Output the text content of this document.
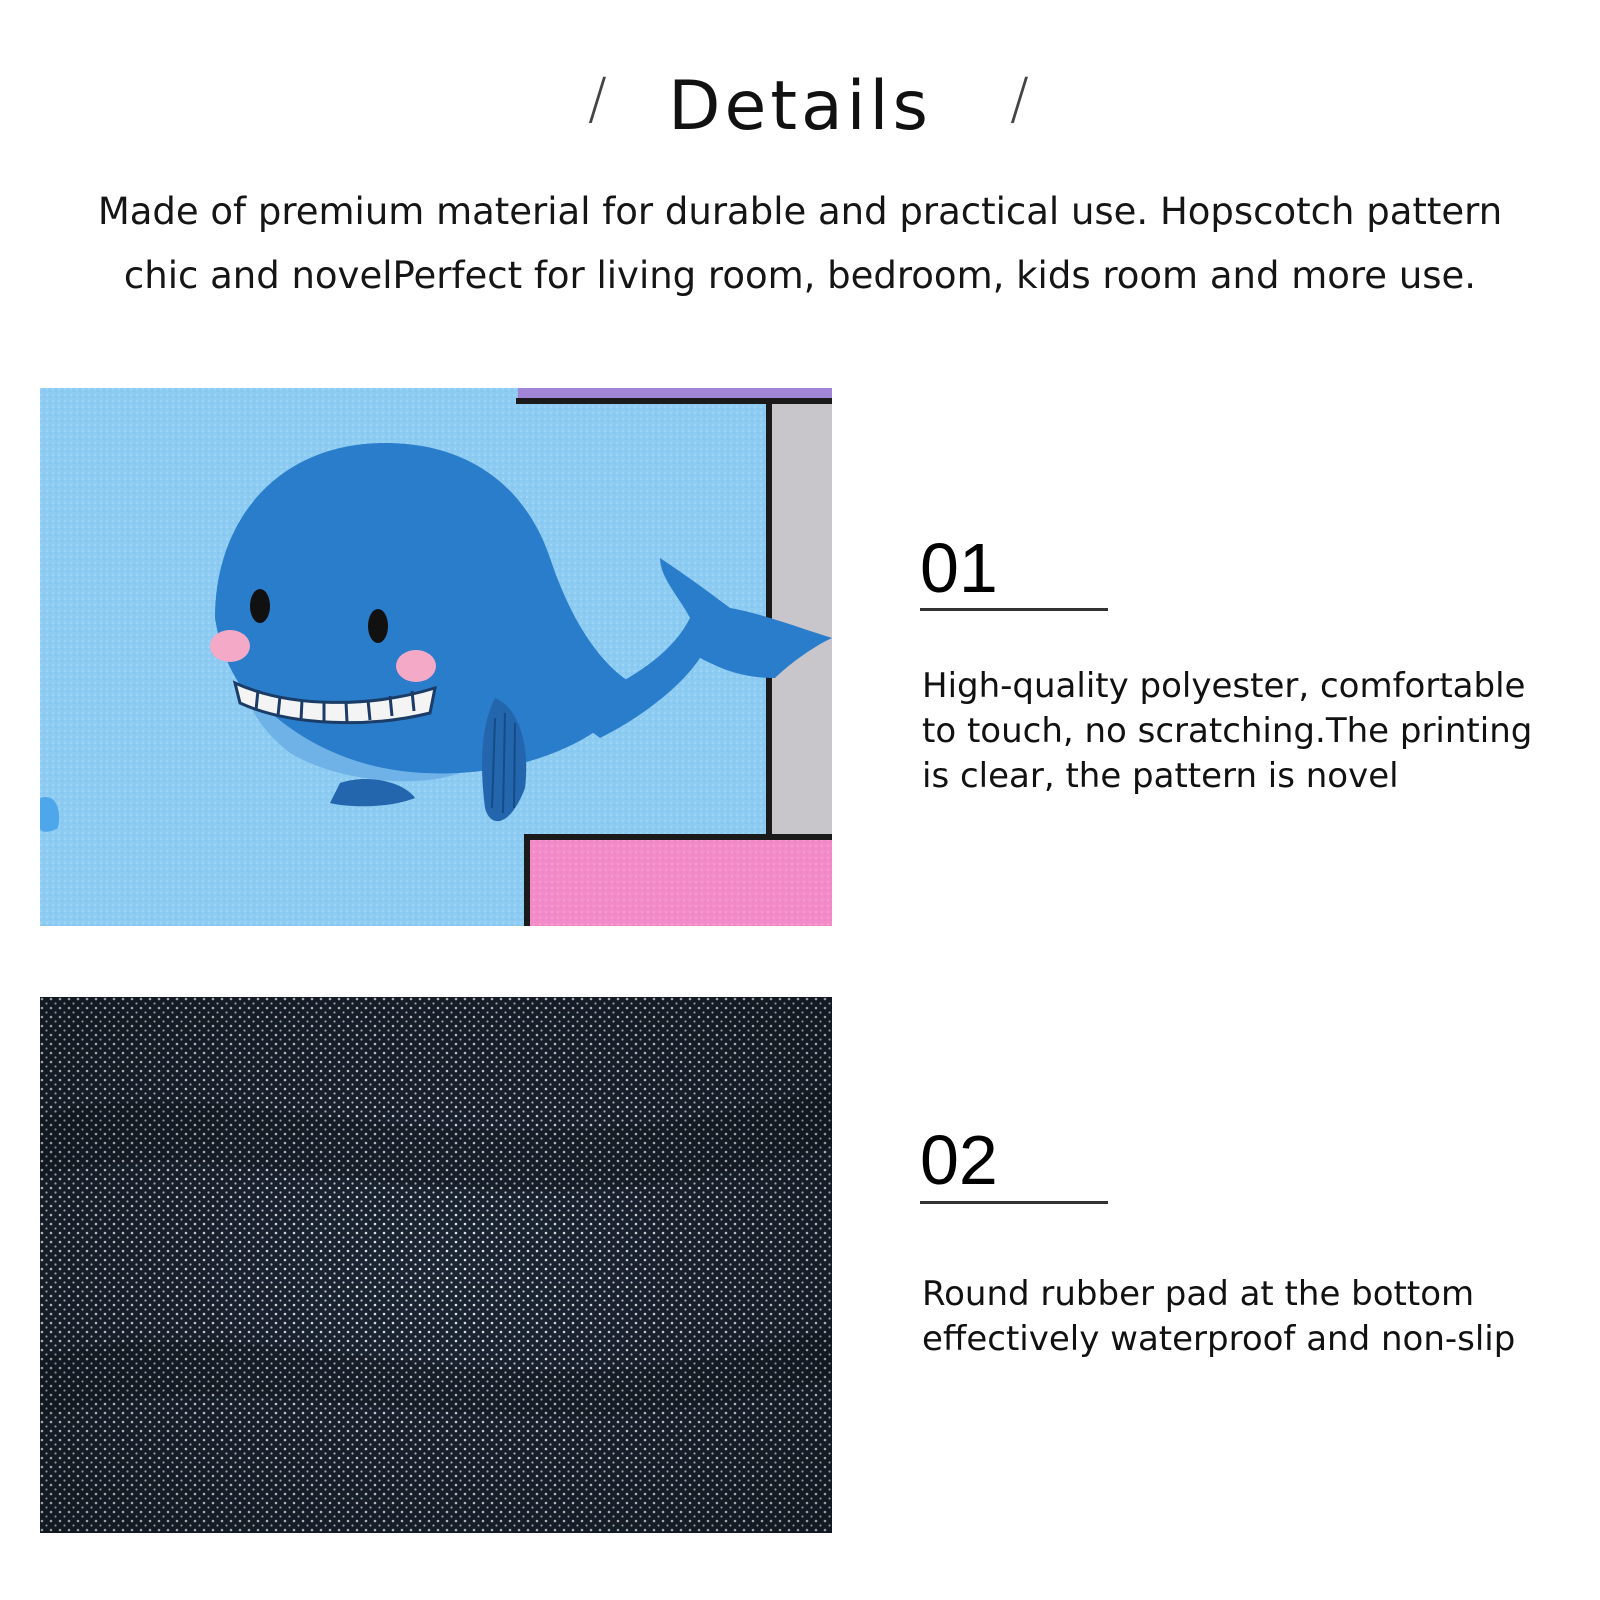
/ Details	/
Made of premium material for durable and practical use. Hopscotch pattern chic and novelPerfect for living room, bedroom, kids room and more use.
01
High-quality polyester, comfortable to touch, no scratching.The printing is clear, the pattern is novel
02
Round rubber pad at the bottom effectively waterproof and non-slip
